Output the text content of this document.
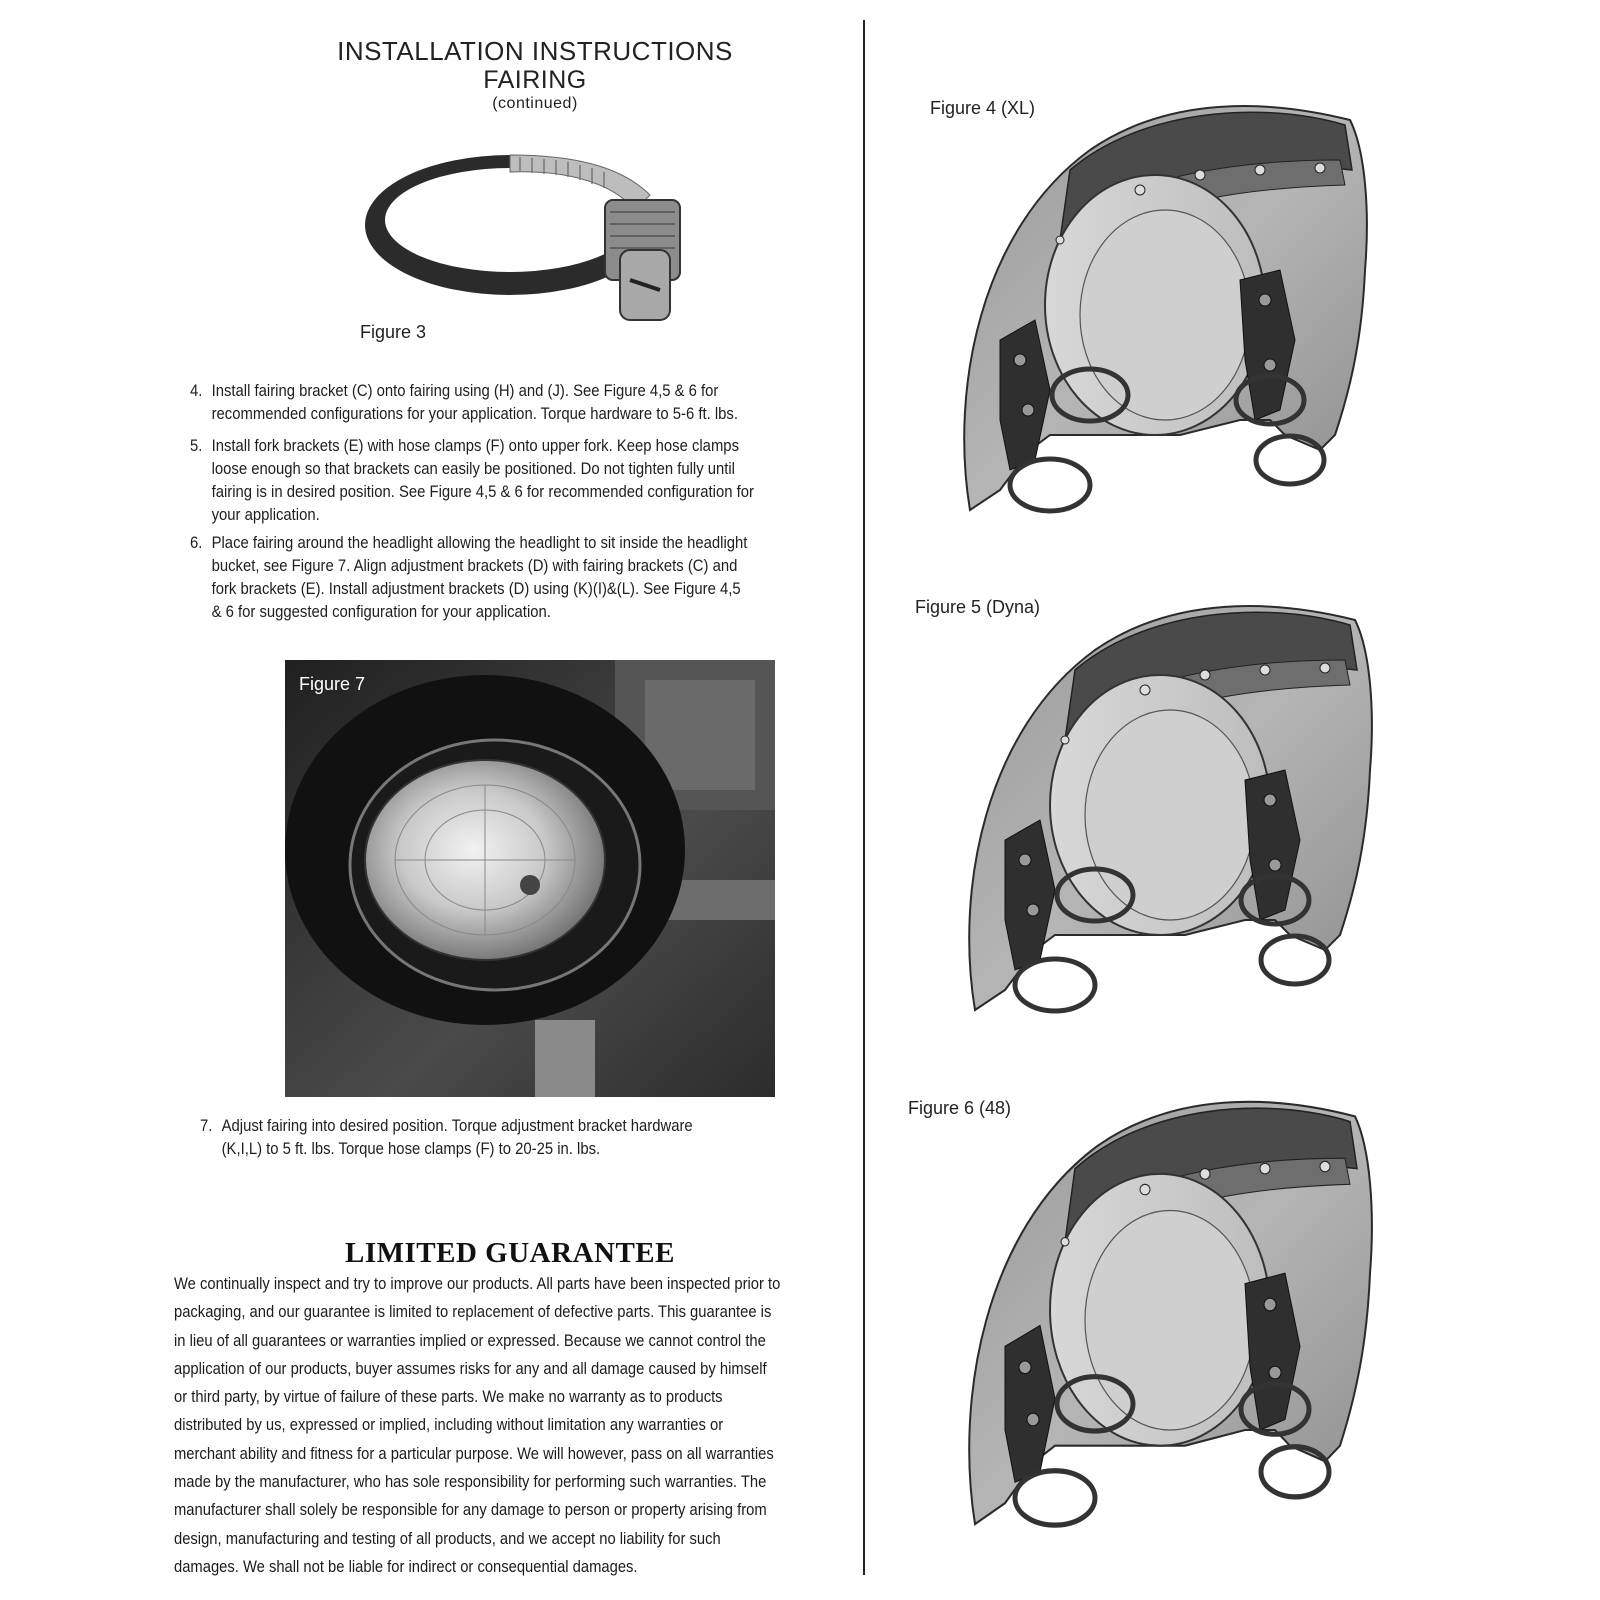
INSTALLATION INSTRUCTIONS
FAIRING
(continued)
Figure 3
4. Install fairing bracket (C) onto fairing using (H) and (J). See Figure 4,5 & 6 for
recommended configurations for your application. Torque hardware to 5-6 ft. lbs.
5. Install fork brackets (E) with hose clamps (F) onto upper fork. Keep hose clamps
loose enough so that brackets can easily be positioned. Do not tighten fully until
fairing is in desired position. See Figure 4,5 & 6 for recommended configuration for
your application.
6. Place fairing around the headlight allowing the headlight to sit inside the headlight
bucket, see Figure 7. Align adjustment brackets (D) with fairing brackets (C) and
fork brackets (E). Install adjustment brackets (D) using (K)(I)&(L). See Figure 4,5
& 6 for suggested configuration for your application.
Figure 7
7. Adjust fairing into desired position. Torque adjustment bracket hardware
(K,I,L) to 5 ft. lbs. Torque hose clamps (F) to 20-25 in. lbs.
LIMITED GUARANTEE
We continually inspect and try to improve our products. All parts have been inspected prior to
packaging, and our guarantee is limited to replacement of defective parts. This guarantee is
in lieu of all guarantees or warranties implied or expressed. Because we cannot control the
application of our products, buyer assumes risks for any and all damage caused by himself
or third party, by virtue of failure of these parts. We make no warranty as to products
distributed by us, expressed or implied, including without limitation any warranties or
merchant ability and fitness for a particular purpose. We will however, pass on all warranties
made by the manufacturer, who has sole responsibility for performing such warranties. The
manufacturer shall solely be responsible for any damage to person or property arising from
design, manufacturing and testing of all products, and we accept no liability for such
damages. We shall not be liable for indirect or consequential damages.
Figure 4 (XL)
Figure 5 (Dyna)
Figure 6 (48)
